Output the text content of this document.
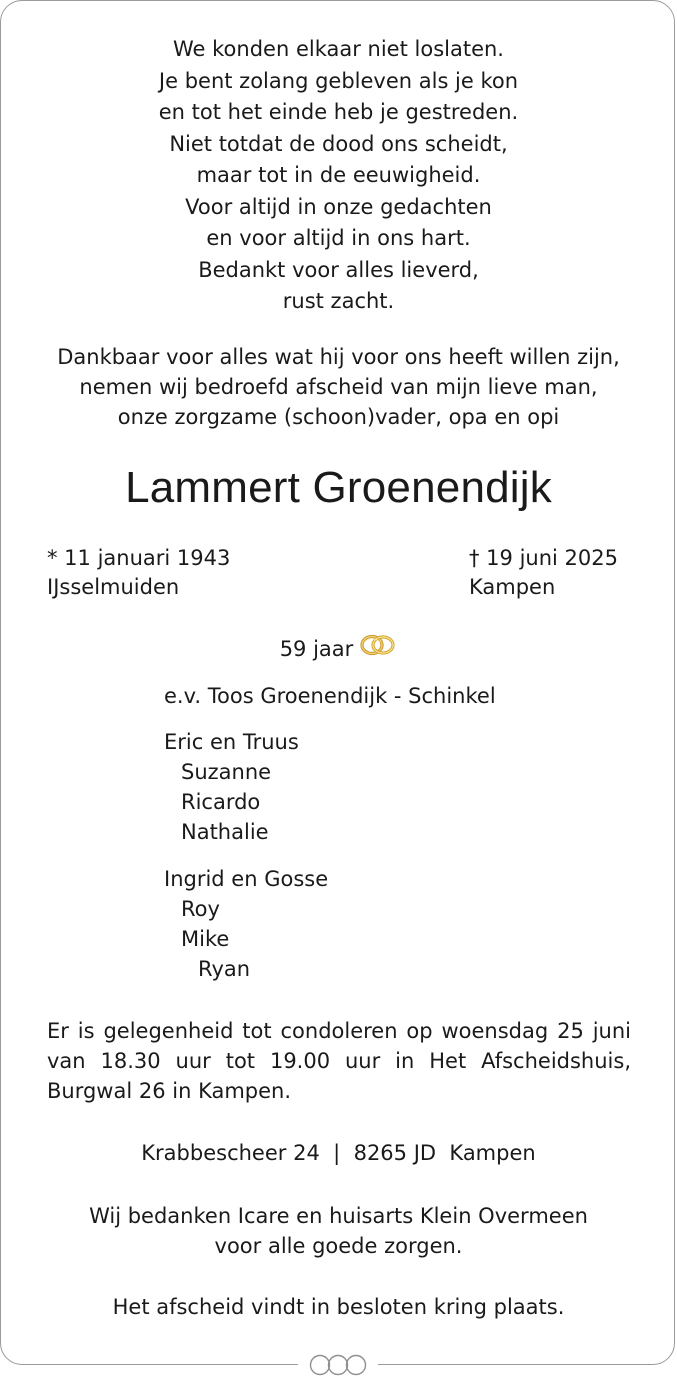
We konden elkaar niet loslaten.
Je bent zolang gebleven als je kon
en tot het einde heb je gestreden.
Niet totdat de dood ons scheidt,
maar tot in de eeuwigheid.
Voor altijd in onze gedachten
en voor altijd in ons hart.
Bedankt voor alles lieverd,
rust zacht.
Dankbaar voor alles wat hij voor ons heeft willen zijn,
nemen wij bedroefd afscheid van mijn lieve man,
onze zorgzame (schoon)vader, opa en opi
Lammert Groenendijk
* 11 januari 1943
IJsselmuiden
† 19 juni 2025
Kampen
59 jaar
e.v. Toos Groenendijk - Schinkel
Eric en Truus
Suzanne
Ricardo
Nathalie
Ingrid en Gosse
Roy
Mike
Ryan
Er is gelegenheid tot condoleren op woensdag 25 juni van 18.30 uur tot 19.00 uur in Het Afscheidshuis, Burgwal 26 in Kampen.
Krabbescheer 24  |  8265 JD  Kampen
Wij bedanken Icare en huisarts Klein Overmeen
voor alle goede zorgen.
Het afscheid vindt in besloten kring plaats.
